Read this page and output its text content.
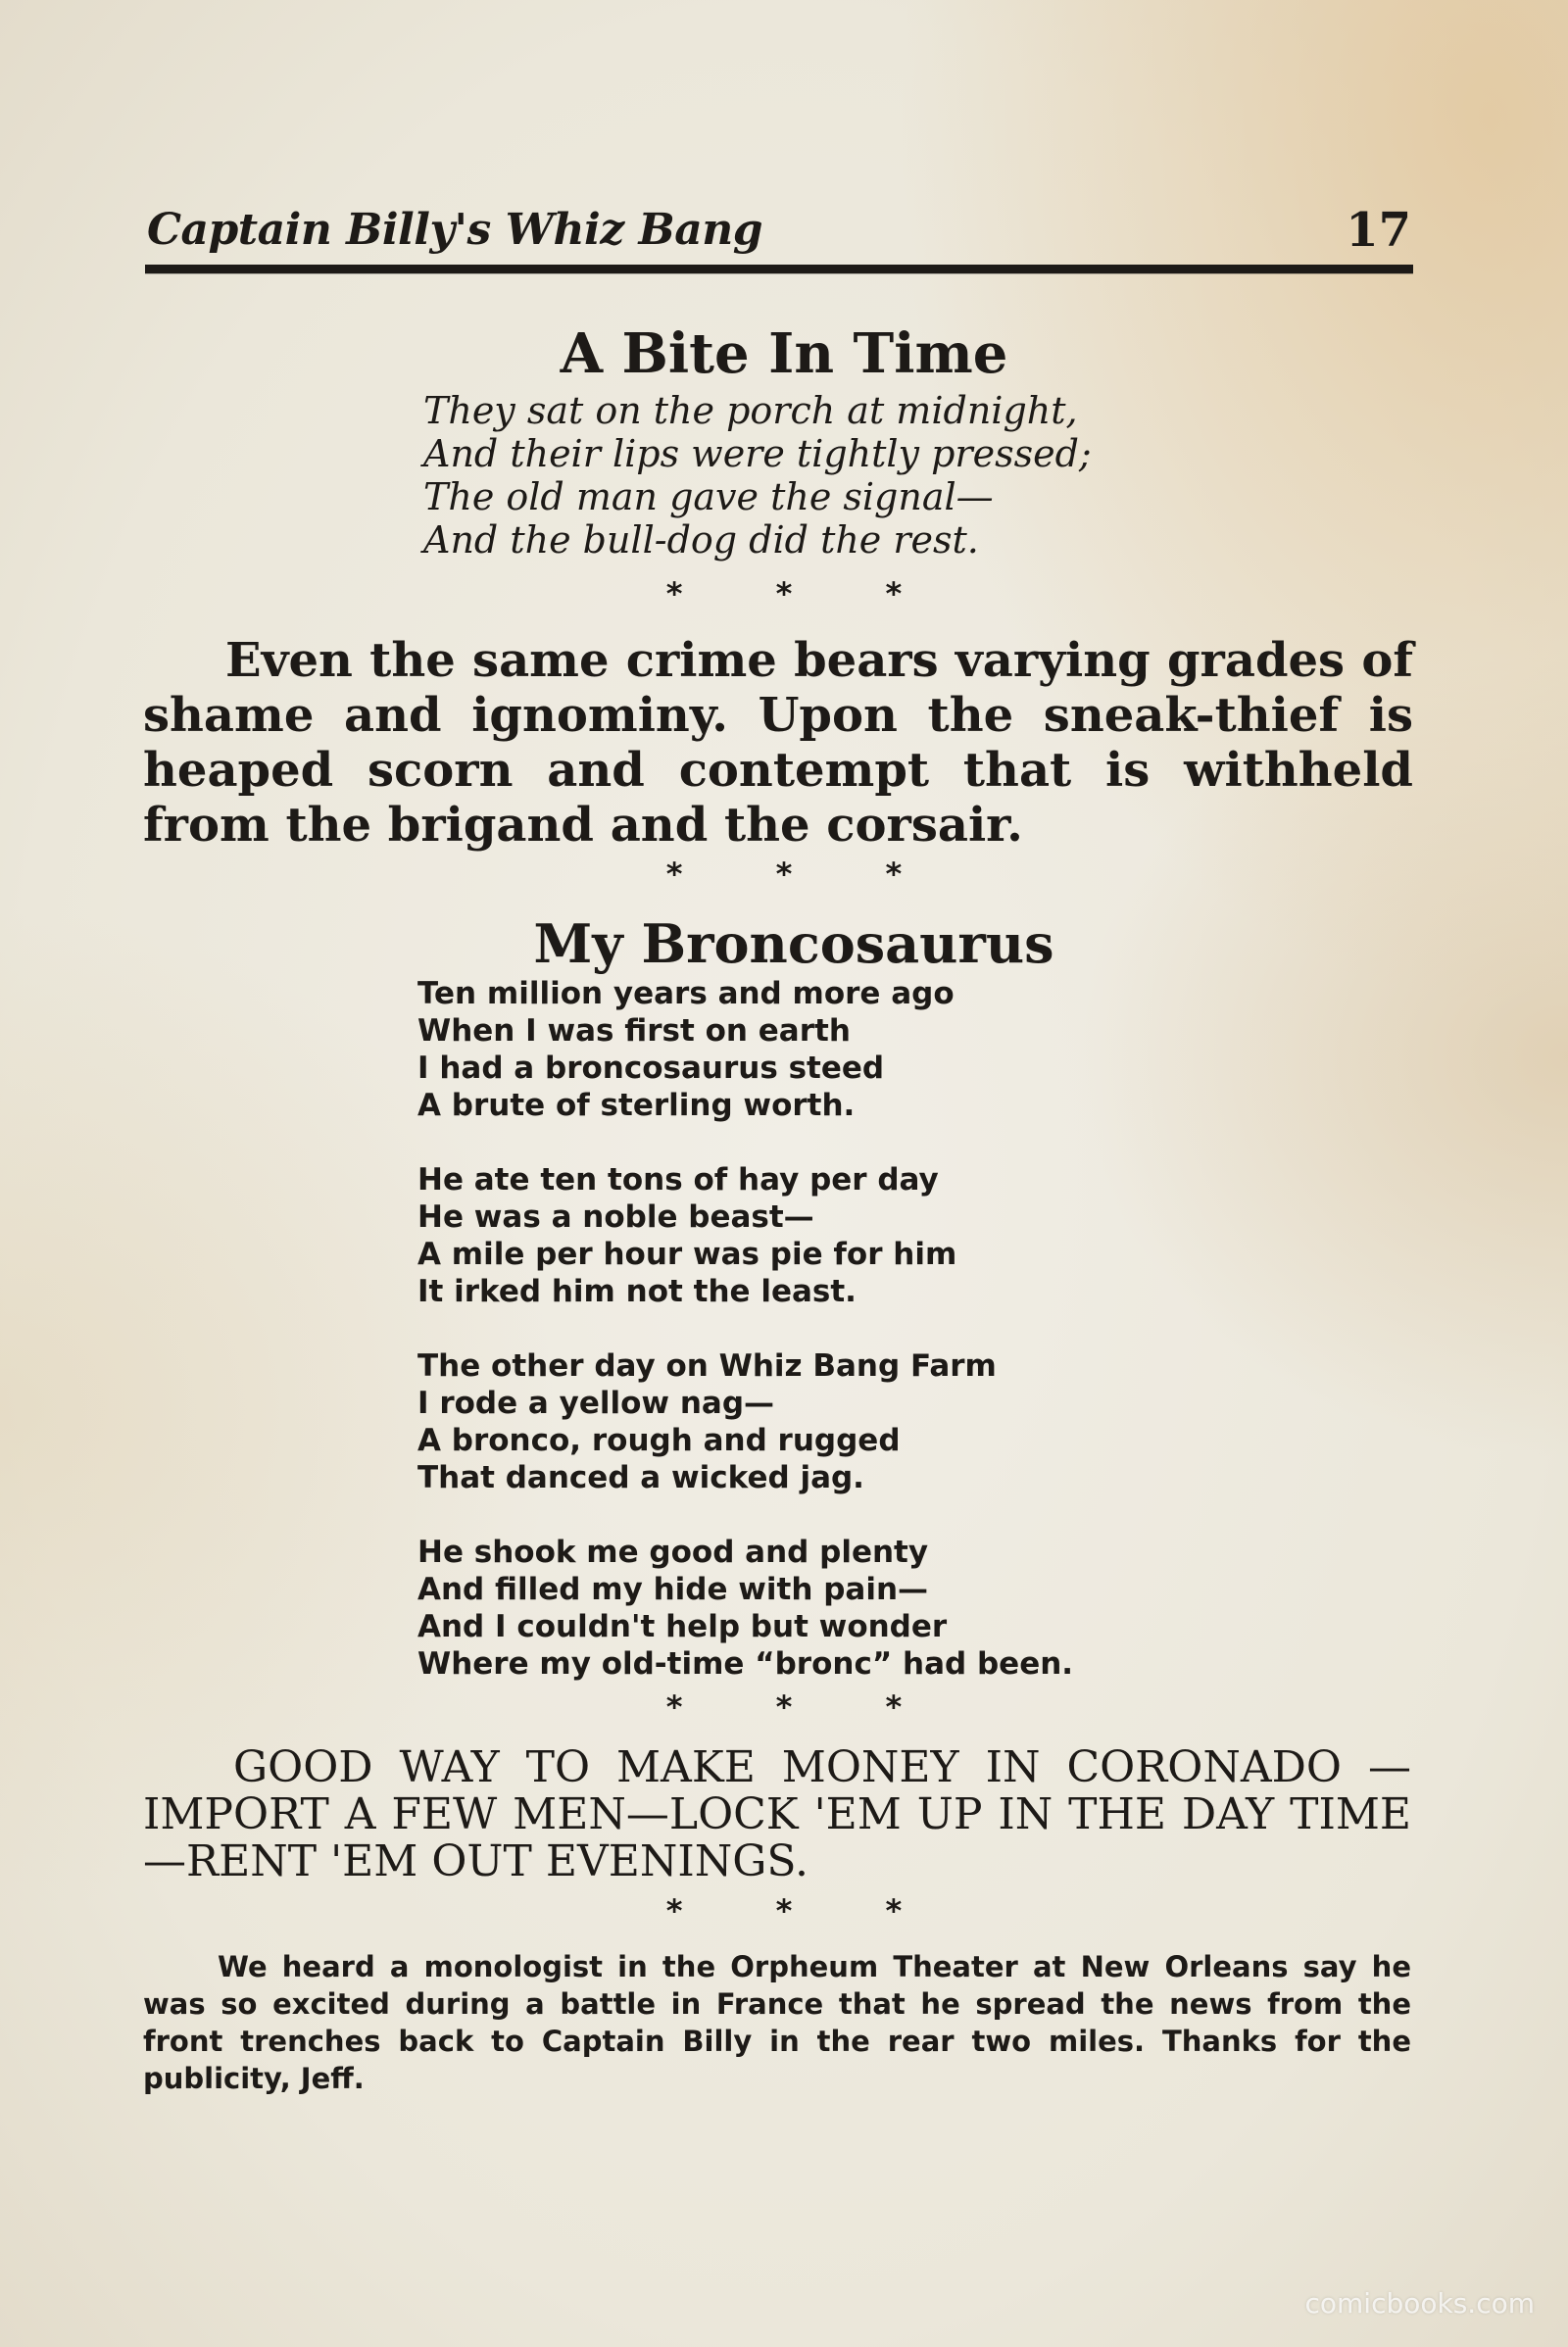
Captain Billy's Whiz Bang	17
A Bite In Time
They sat on the porch at midnight,
And their lips were tightly pressed;
The old man gave the signal—
And the bull-dog did the rest.
* * *
Even the same crime bears varying grades of shame and ignominy. Upon the sneak-thief is heaped scorn and contempt that is withheld from the brigand and the corsair.
* * *
My Broncosaurus
Ten million years and more ago
When I was first on earth
I had a broncosaurus steed
A brute of sterling worth.
He ate ten tons of hay per day
He was a noble beast—
A mile per hour was pie for him
It irked him not the least.
The other day on Whiz Bang Farm
I rode a yellow nag—
A bronco, rough and rugged
That danced a wicked jag.
He shook me good and plenty
And filled my hide with pain—
And I couldn't help but wonder
Where my old-time “bronc” had been.
* * *
GOOD WAY TO MAKE MONEY IN CORONADO —IMPORT A FEW MEN—LOCK 'EM UP IN THE DAY TIME—RENT 'EM OUT EVENINGS.
* * *
We heard a monologist in the Orpheum Theater at New Orleans say he was so excited during a battle in France that he spread the news from the front trenches back to Captain Billy in the rear two miles. Thanks for the publicity, Jeff.
comicbooks.com
